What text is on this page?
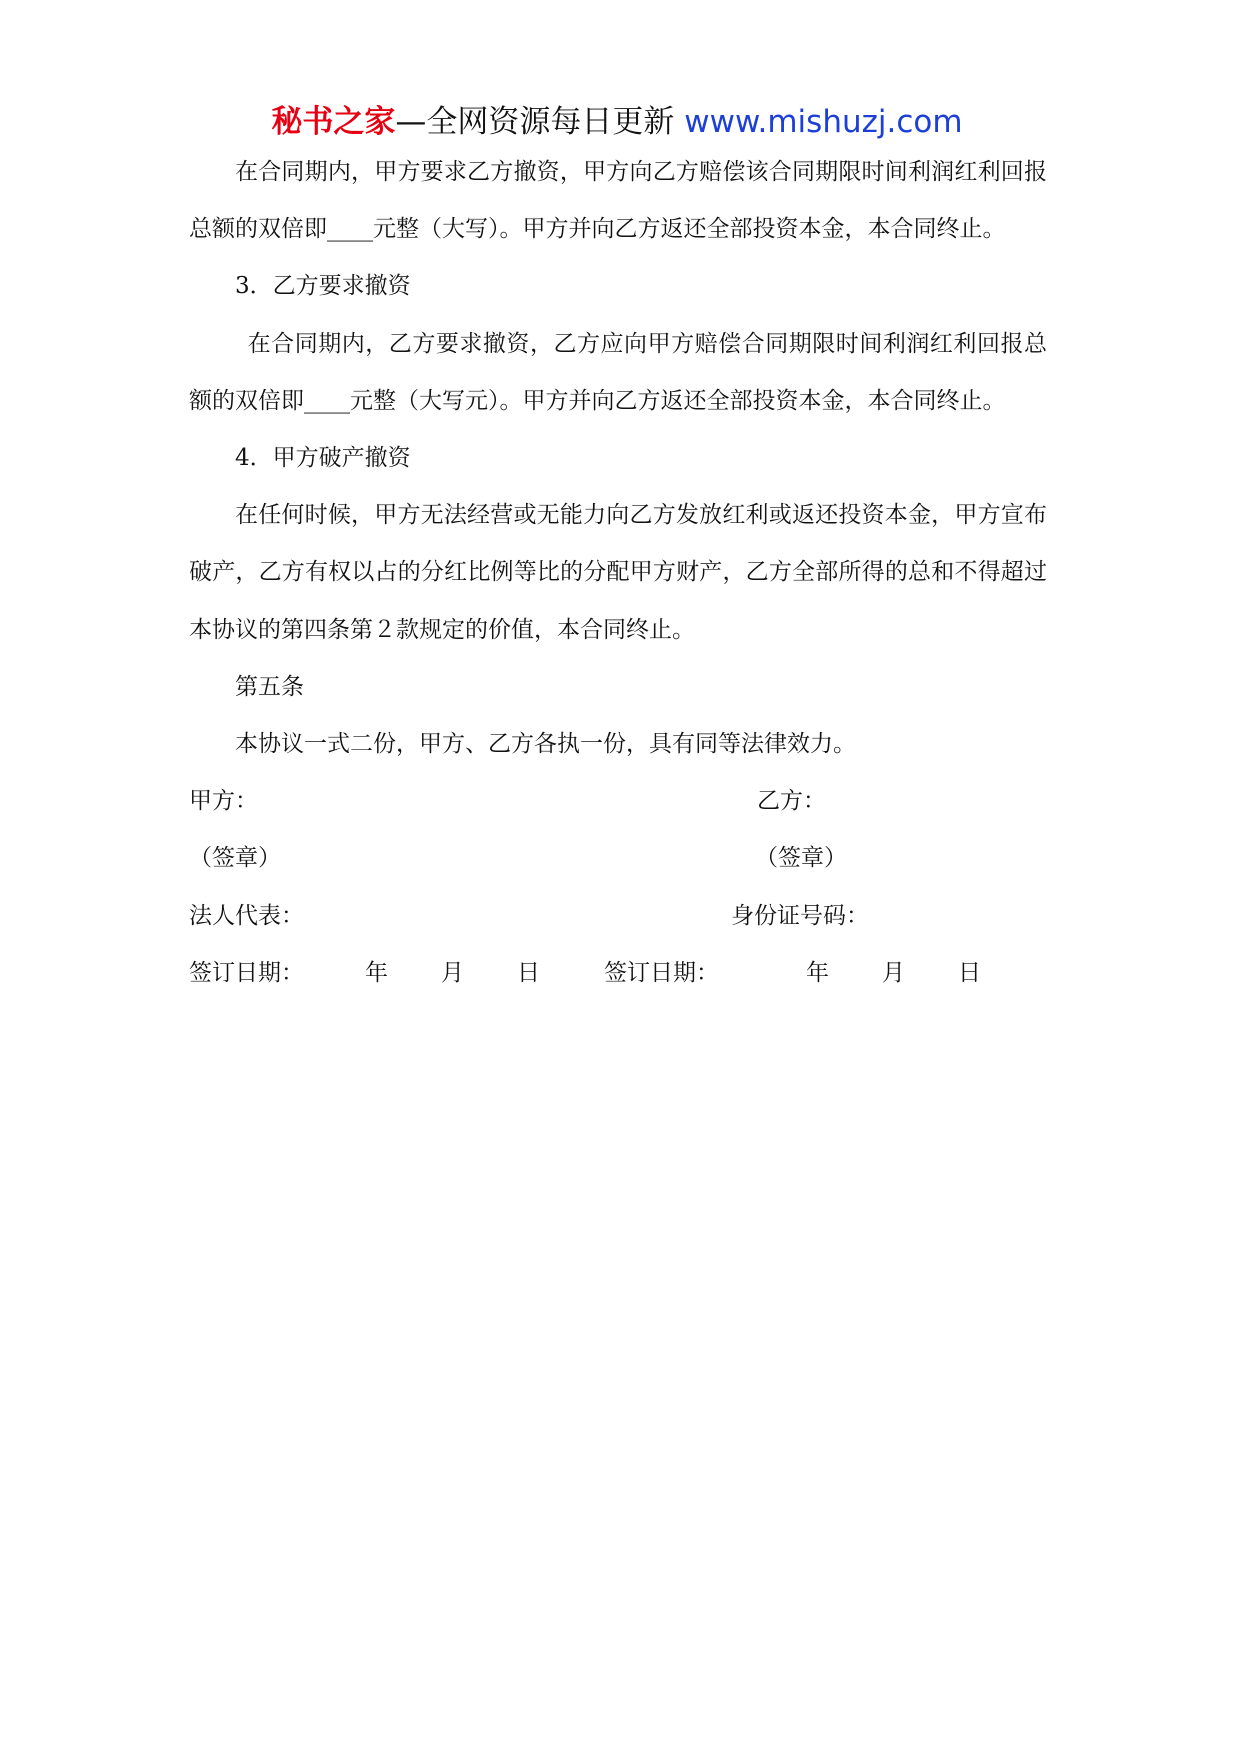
秘书之家—全网资源每日更新 www.mishuzj.com

在合同期内，甲方要求乙方撤资，甲方向乙方赔偿该合同期限时间利润红利回报总额的双倍即____元整（大写）。甲方并向乙方返还全部投资本金，本合同终止。

3．乙方要求撤资

在合同期内，乙方要求撤资，乙方应向甲方赔偿合同期限时间利润红利回报总额的双倍即____元整（大写元）。甲方并向乙方返还全部投资本金，本合同终止。

4．甲方破产撤资

在任何时候，甲方无法经营或无能力向乙方发放红利或返还投资本金，甲方宣布破产，乙方有权以占的分红比例等比的分配甲方财产，乙方全部所得的总和不得超过本协议的第四条第２款规定的价值，本合同终止。

第五条

本协议一式二份，甲方、乙方各执一份，具有同等法律效力。

甲方：	乙方：
（签章）	（签章）
法人代表：	身份证号码：
签订日期：	年 月 日	签订日期：	年 月 日
